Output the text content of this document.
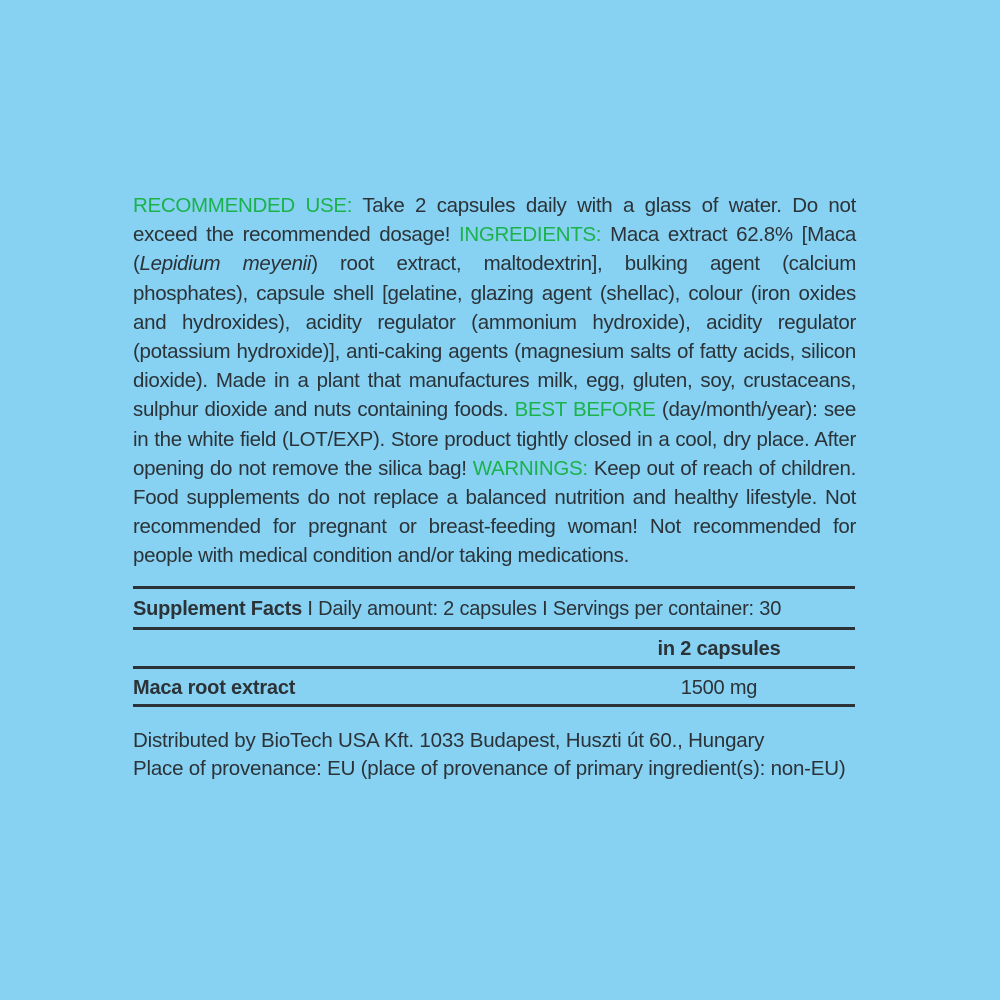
RECOMMENDED USE: Take 2 capsules daily with a glass of water. Do not exceed the recommended dosage! INGREDIENTS: Maca extract 62.8% [Maca (Lepidium meyenii) root extract, maltodextrin], bulking agent (calcium phosphates), capsule shell [gelatine, glazing agent (shellac), colour (iron oxides and hydroxides), acidity regulator (ammonium hydroxide), acidity regulator (potassium hydroxide)], anti-caking agents (magnesium salts of fatty acids, silicon dioxide). Made in a plant that manufactures milk, egg, gluten, soy, crustaceans, sulphur dioxide and nuts containing foods. BEST BEFORE (day/month/year): see in the white field (LOT/EXP). Store product tightly closed in a cool, dry place. After opening do not remove the silica bag! WARNINGS: Keep out of reach of children. Food supplements do not replace a balanced nutrition and healthy lifestyle. Not recommended for pregnant or breast-feeding woman! Not recommended for people with medical condition and/or taking medications.

Supplement Facts I Daily amount: 2 capsules I Servings per container: 30
in 2 capsules
Maca root extract	1500 mg

Distributed by BioTech USA Kft. 1033 Budapest, Huszti út 60., Hungary
Place of provenance: EU (place of provenance of primary ingredient(s): non-EU)
